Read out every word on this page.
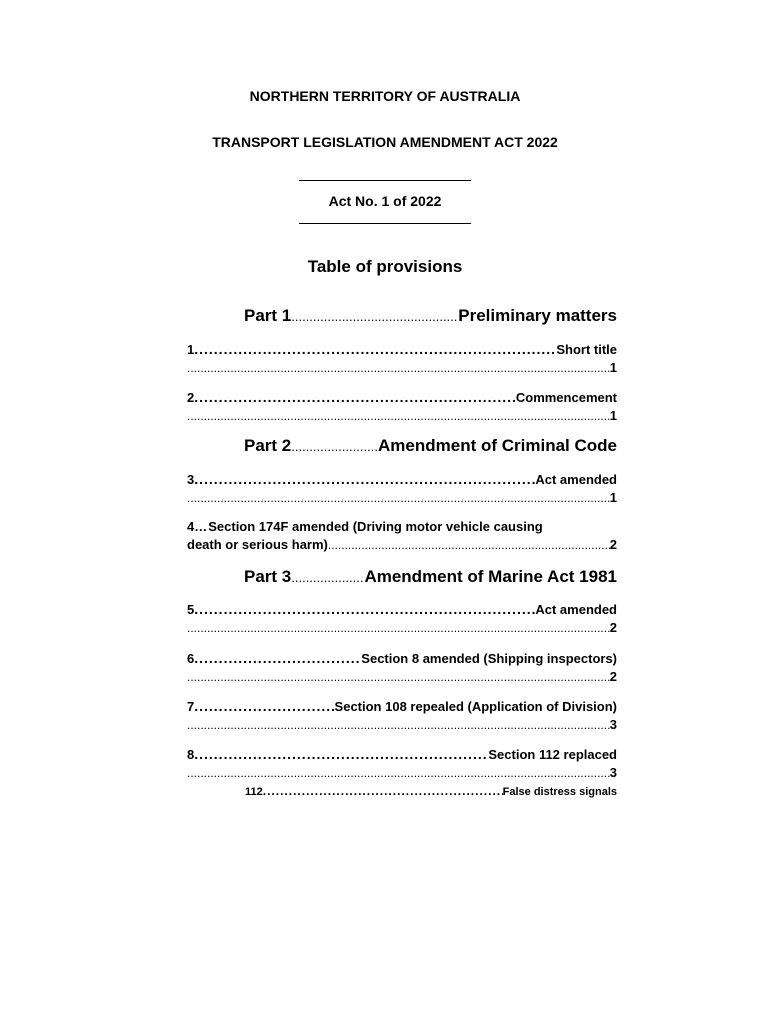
NORTHERN TERRITORY OF AUSTRALIA
TRANSPORT LEGISLATION AMENDMENT ACT 2022
Act No. 1 of 2022
Table of provisions
Part 1 .....	Preliminary matters
1 .....	Short title
.....
1
2 .....	Commencement
.....
1
Part 2 .....	Amendment of Criminal Code
3 .....	Act amended
.....
1
4 … Section 174F amended (Driving motor vehicle causing
death or serious harm) .....	2
Part 3 .....	Amendment of Marine Act 1981
5 .....	Act amended
.....
2
6 .....	Section 8 amended (Shipping inspectors)
.....
2
7 .....	Section 108 repealed (Application of Division)
.....
3
8 .....	Section 112 replaced
.....
3
112 .....	False distress signals
